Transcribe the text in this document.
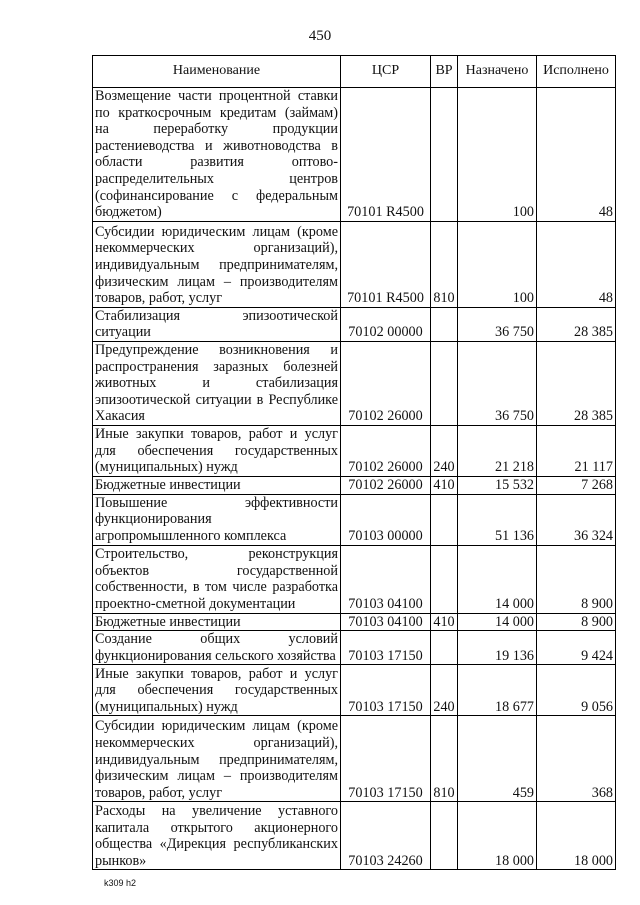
450
Наименование	ЦСР	ВР	Назначено	Исполнено
Возмещение части процентной ставки по краткосрочным кредитам (займам) на переработку продукции растениеводства и животноводства в области развития оптово-распределительных центров (софинансирование с федеральным бюджетом)	70101 R4500		100	48
Субсидии юридическим лицам (кроме некоммерческих организаций), индивидуальным предпринимателям, физическим лицам – производителям товаров, работ, услуг	70101 R4500	810	100	48
Стабилизация эпизоотической ситуации	70102 00000		36 750	28 385
Предупреждение возникновения и распространения заразных болезней животных и стабилизация эпизоотической ситуации в Республике Хакасия	70102 26000		36 750	28 385
Иные закупки товаров, работ и услуг для обеспечения государственных (муниципальных) нужд	70102 26000	240	21 218	21 117
Бюджетные инвестиции	70102 26000	410	15 532	7 268
Повышение эффективности функционирования агропромышленного комплекса	70103 00000		51 136	36 324
Строительство, реконструкция объектов государственной собственности, в том числе разработка проектно-сметной документации	70103 04100		14 000	8 900
Бюджетные инвестиции	70103 04100	410	14 000	8 900
Создание общих условий функционирования сельского хозяйства	70103 17150		19 136	9 424
Иные закупки товаров, работ и услуг для обеспечения государственных (муниципальных) нужд	70103 17150	240	18 677	9 056
Субсидии юридическим лицам (кроме некоммерческих организаций), индивидуальным предпринимателям, физическим лицам – производителям товаров, работ, услуг	70103 17150	810	459	368
Расходы на увеличение уставного капитала открытого акционерного общества «Дирекция республиканских рынков»	70103 24260		18 000	18 000
k309 h2
